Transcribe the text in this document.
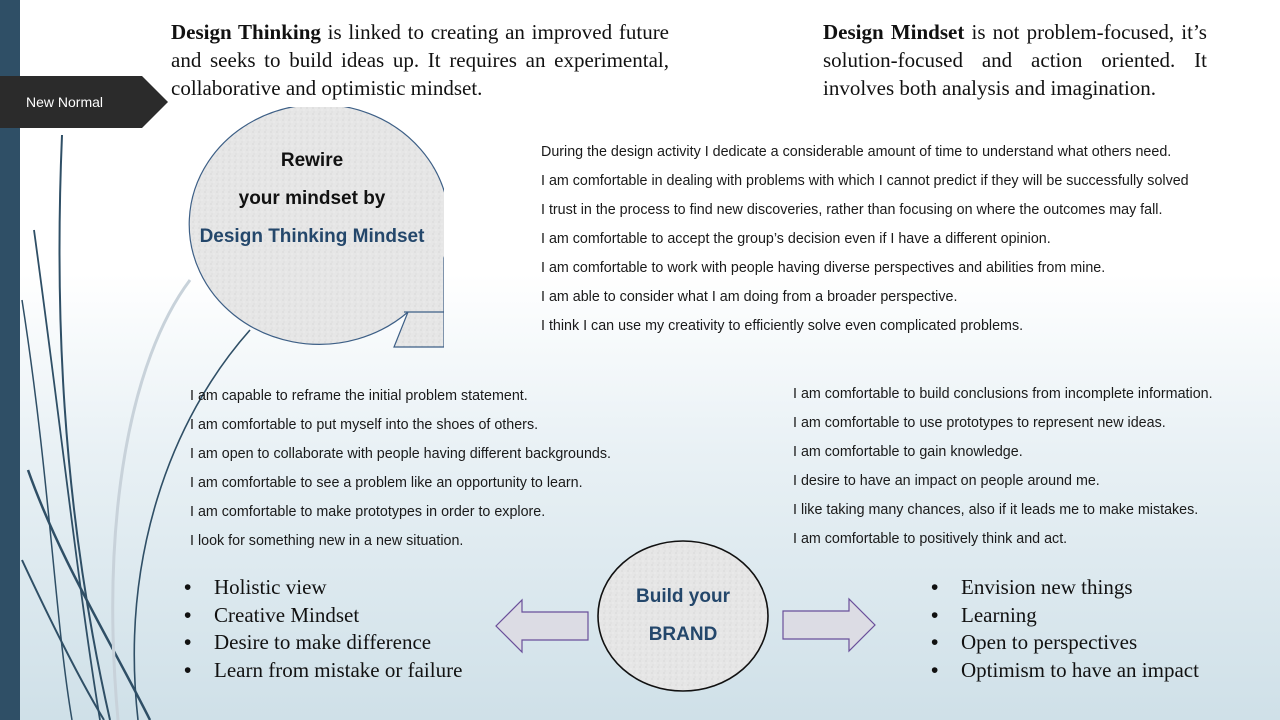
New Normal
Design Thinking is linked to creating an improved future and seeks to build ideas up. It requires an experimental, collaborative and optimistic mindset.
Design Mindset is not problem-focused, it’s solution-focused and action oriented. It involves both analysis and imagination.
Rewire
your mindset by
Design Thinking Mindset
During the design activity I dedicate a considerable amount of time to understand what others need.
I am comfortable in dealing with problems with which I cannot predict if they will be successfully solved
I trust in the process to find new discoveries, rather than focusing on where the outcomes may fall.
I am comfortable to accept the group’s decision even if I have a different opinion.
I am comfortable to work with people having diverse perspectives and abilities from mine.
I am able to consider what I am doing from a broader perspective.
I think I can use my creativity to efficiently solve even complicated problems.
I am capable to reframe the initial problem statement.
I am comfortable to put myself into the shoes of others.
I am open to collaborate with people having different backgrounds.
I am comfortable to see a problem like an opportunity to learn.
I am comfortable to make prototypes in order to explore.
I look for something new in a new situation.
I am comfortable to build conclusions from incomplete information.
I am comfortable to use prototypes to represent new ideas.
I am comfortable to gain knowledge.
I desire to have an impact on people around me.
I like taking many chances, also if it leads me to make mistakes.
I am comfortable to positively think and act.
Build your
BRAND
• Holistic view
• Creative Mindset
• Desire to make difference
• Learn from mistake or failure
• Envision new things
• Learning
• Open to perspectives
• Optimism to have an impact
